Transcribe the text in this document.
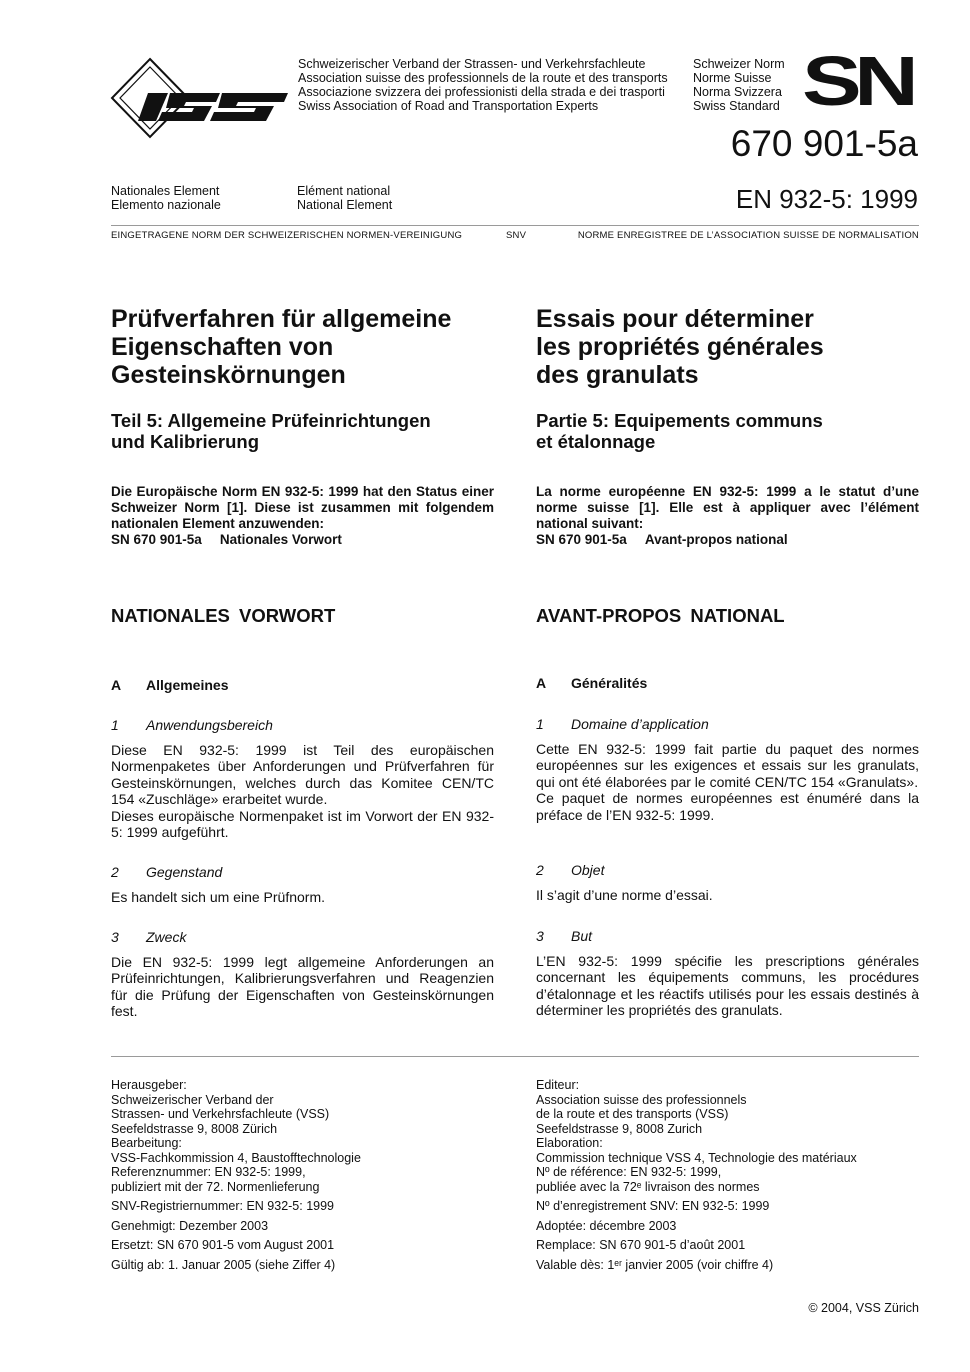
VSS
Schweizerischer Verband der Strassen- und Verkehrsfachleute
Association suisse des professionnels de la route et des transports
Associazione svizzera dei professionisti della strada e dei trasporti
Swiss Association of Road and Transportation Experts
Schweizer Norm
Norme Suisse
Norma Svizzera
Swiss Standard SN
670 901-5a
Nationales Element
Elemento nazionale
Elément national
National Element	EN 932-5: 1999
EINGETRAGENE NORM DER SCHWEIZERISCHEN NORMEN-VEREINIGUNG	SNV	NORME ENREGISTREE DE L’ASSOCIATION SUISSE DE NORMALISATION
Prüfverfahren für allgemeine
Eigenschaften von
Gesteinskörnungen
Teil 5: Allgemeine Prüfeinrichtungen
und Kalibrierung
Die Europäische Norm EN 932-5: 1999 hat den Status einer Schweizer Norm [1]. Diese ist zusammen mit folgendem nationalen Element anzuwenden:
SN 670 901-5a Nationales Vorwort
NATIONALES VORWORT
A Allgemeines
1 Anwendungsbereich
Diese EN 932-5: 1999 ist Teil des europäischen Normenpaketes über Anforderungen und Prüfverfahren für Gesteinskörnungen, welches durch das Komitee CEN/TC 154 «Zuschläge» erarbeitet wurde.
Dieses europäische Normenpaket ist im Vorwort der EN 932-5: 1999 aufgeführt.
2 Gegenstand
Es handelt sich um eine Prüfnorm.
3 Zweck
Die EN 932-5: 1999 legt allgemeine Anforderungen an Prüfeinrichtungen, Kalibrierungsverfahren und Reagenzien für die Prüfung der Eigenschaften von Gesteinskörnungen fest.
Essais pour déterminer
les propriétés générales
des granulats
Partie 5: Equipements communs
et étalonnage
La norme européenne EN 932-5: 1999 a le statut d’une norme suisse [1]. Elle est à appliquer avec l’élément national suivant:
SN 670 901-5a Avant-propos national
AVANT-PROPOS NATIONAL
A Généralités
1 Domaine d’application
Cette EN 932-5: 1999 fait partie du paquet des normes européennes sur les exigences et essais sur les granulats, qui ont été élaborées par le comité CEN/TC 154 «Granulats».
Ce paquet de normes européennes est énuméré dans la préface de l’EN 932-5: 1999.
2 Objet
Il s’agit d’une norme d’essai.
3 But
L’EN 932-5: 1999 spécifie les prescriptions générales concernant les équipements communs, les procédures d’étalonnage et les réactifs utilisés pour les essais destinés à déterminer les propriétés des granulats.
Herausgeber:
Schweizerischer Verband der
Strassen- und Verkehrsfachleute (VSS)
Seefeldstrasse 9, 8008 Zürich
Bearbeitung:
VSS-Fachkommission 4, Baustofftechnologie
Referenznummer: EN 932-5: 1999,
publiziert mit der 72. Normenlieferung
SNV-Registriernummer: EN 932-5: 1999
Genehmigt: Dezember 2003
Ersetzt: SN 670 901-5 vom August 2001
Gültig ab: 1. Januar 2005 (siehe Ziffer 4)
Editeur:
Association suisse des professionnels
de la route et des transports (VSS)
Seefeldstrasse 9, 8008 Zurich
Elaboration:
Commission technique VSS 4, Technologie des matériaux
Nº de référence: EN 932-5: 1999,
publiée avec la 72ᵉ livraison des normes
Nº d’enregistrement SNV: EN 932-5: 1999
Adoptée: décembre 2003
Remplace: SN 670 901-5 d’août 2001
Valable dès: 1ᵉʳ janvier 2005 (voir chiffre 4)
© 2004, VSS Zürich
